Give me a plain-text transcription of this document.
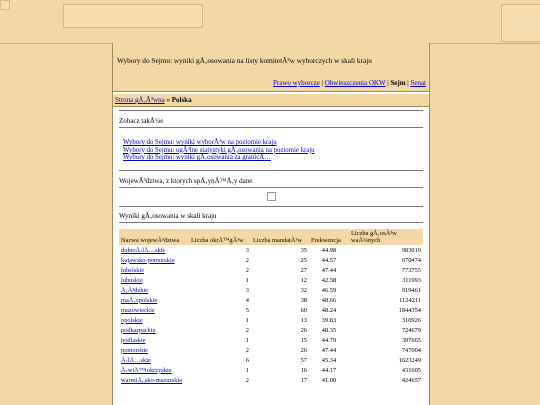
Wybory do Sejmu: wyniki gÅ‚osowania na listy komitetÃ³w wyborczych w skali kraju
Prawo wyborcze | Obwieszczenia OKW | Sejm | Senat
Strona gÅ‚Ã³wna » Polska
Zobacz takÅ¼e
Wybory do Sejmu: wyniki wyborÃ³w na poziomie kraju
Wybory do Sejmu: ogÃ³lne statystyki gÅ‚osowania na poziomie kraju
Wybory do Sejmu: wyniki gÅ‚osowania za granicÄ…
WojewÃ³dztwa, z ktorych spÅ‚ynÄ™Å‚y dane
Wyniki gÅ‚osowania w skali kraju
Nazwa wojewÃ³dztwa	Liczba okrÄ™gÃ³w	Liczba mandatÃ³w	Frekwencja	Liczba gÅ‚osÃ³w waÅ¼nych
dolnoÅ›lÄ…skie	3	35	44.98	983019
kujawsko-pomorskie	2	25	44.57	670474
lubelskie	2	27	47.44	773755
lubuskie	1	12	42.58	311993
Å‚Ã³dzkie	3	32	46.59	919461
maÅ‚opolskie	4	38	48.66	1124211
mazowieckie	5	60	48.24	1844354
opolskie	1	13	39.83	310926
podkarpackie	2	26	48.35	724679
podlaskie	1	15	44.79	397665
pomorskie	2	26	47.44	747004
Å›lÄ…skie	6	57	45.34	1623249
Å›wiÄ™tokrzyskie	1	16	44.17	431605
warmiÅ„sko-mazurskie	2	17	41.00	424657
